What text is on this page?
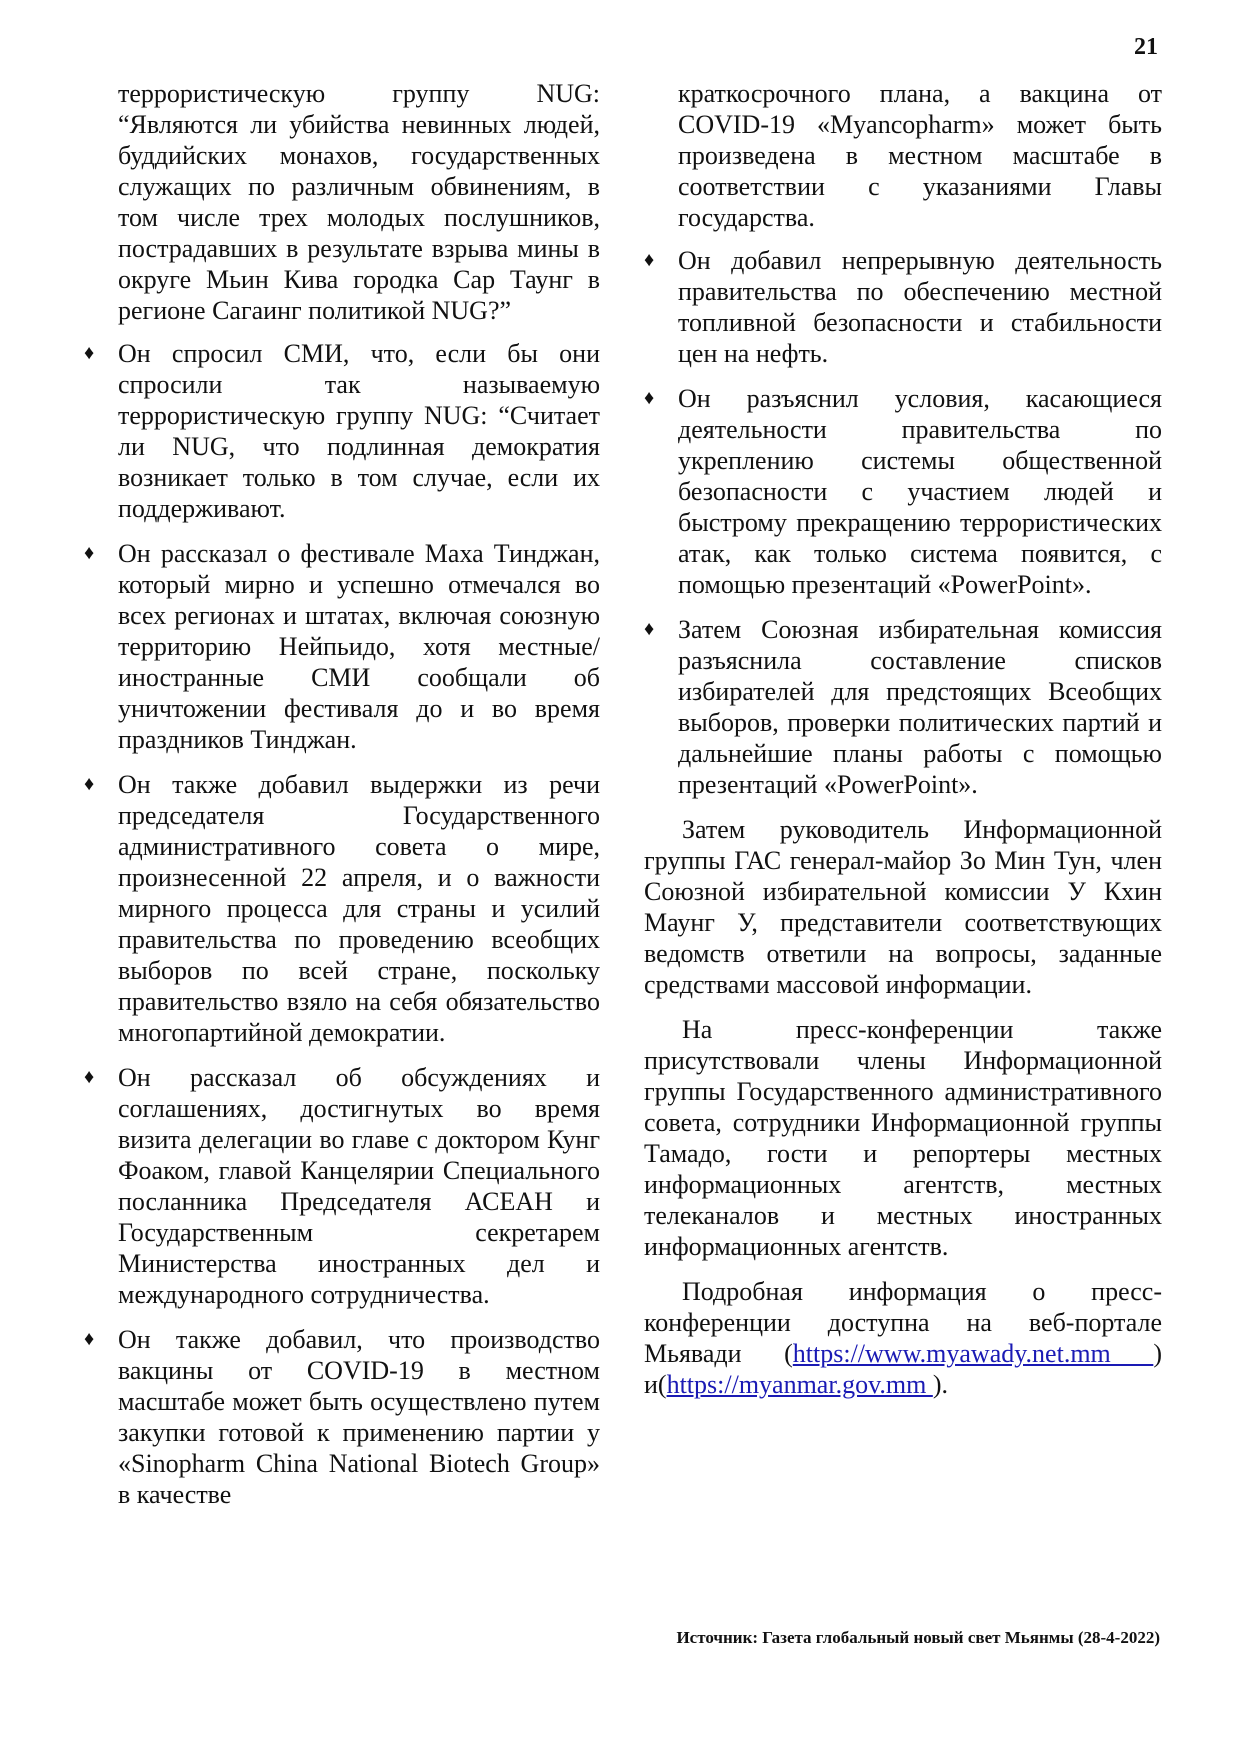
21
террористическую группу NUG: “Являются ли убийства невинных людей, буддийских монахов, государственных служащих по различным обвинениям, в том числе трех молодых послушников, пострадавших в результате взрыва мины в округе Мьин Кива городка Сар Таунг в регионе Сагаинг политикой NUG?”
♦ Он спросил СМИ, что, если бы они спросили так называемую террористическую группу NUG: “Считает ли NUG, что подлинная демократия возникает только в том случае, если их поддерживают.
♦ Он рассказал о фестивале Маха Тинджан, который мирно и успешно отмечался во всех регионах и штатах, включая союзную территорию Нейпьидо, хотя местные/ иностранные СМИ сообщали об уничтожении фестиваля до и во время праздников Тинджан.
♦ Он также добавил выдержки из речи председателя Государственного административного совета о мире, произнесенной 22 апреля, и о важности мирного процесса для страны и усилий правительства по проведению всеобщих выборов по всей стране, поскольку правительство взяло на себя обязательство многопартийной демократии.
♦ Он рассказал об обсуждениях и соглашениях, достигнутых во время визита делегации во главе с доктором Кунг Фоаком, главой Канцелярии Специального посланника Председателя АСЕАН и Государственным секретарем Министерства иностранных дел и международного сотрудничества.
♦ Он также добавил, что производство вакцины от COVID-19 в местном масштабе может быть осуществлено путем закупки готовой к применению партии у «Sinopharm China National Biotech Group» в качестве
краткосрочного плана, а вакцина от COVID-19 «Myancopharm» может быть произведена в местном масштабе в соответствии с указаниями Главы государства.
♦ Он добавил непрерывную деятельность правительства по обеспечению местной топливной безопасности и стабильности цен на нефть.
♦ Он разъяснил условия, касающиеся деятельности правительства по укреплению системы общественной безопасности с участием людей и быстрому прекращению террористических атак, как только система появится, с помощью презентаций «PowerPoint».
♦ Затем Союзная избирательная комиссия разъяснила составление списков избирателей для предстоящих Всеобщих выборов, проверки политических партий и дальнейшие планы работы с помощью презентаций «PowerPoint».
Затем руководитель Информационной группы ГАС генерал-майор Зо Мин Тун, член Союзной избирательной комиссии У Кхин Маунг У, представители соответствующих ведомств ответили на вопросы, заданные средствами массовой информации.
На пресс-конференции также присутствовали члены Информационной группы Государственного административного совета, сотрудники Информационной группы Тамадо, гости и репортеры местных информационных агентств, местных телеканалов и местных иностранных информационных агентств.
Подробная информация о пресс-конференции доступна на веб-портале Мьявади (https://www.myawady.net.mm ) и(https://myanmar.gov.mm ).
Источник: Газета глобальный новый свет Мьянмы (28-4-2022)
